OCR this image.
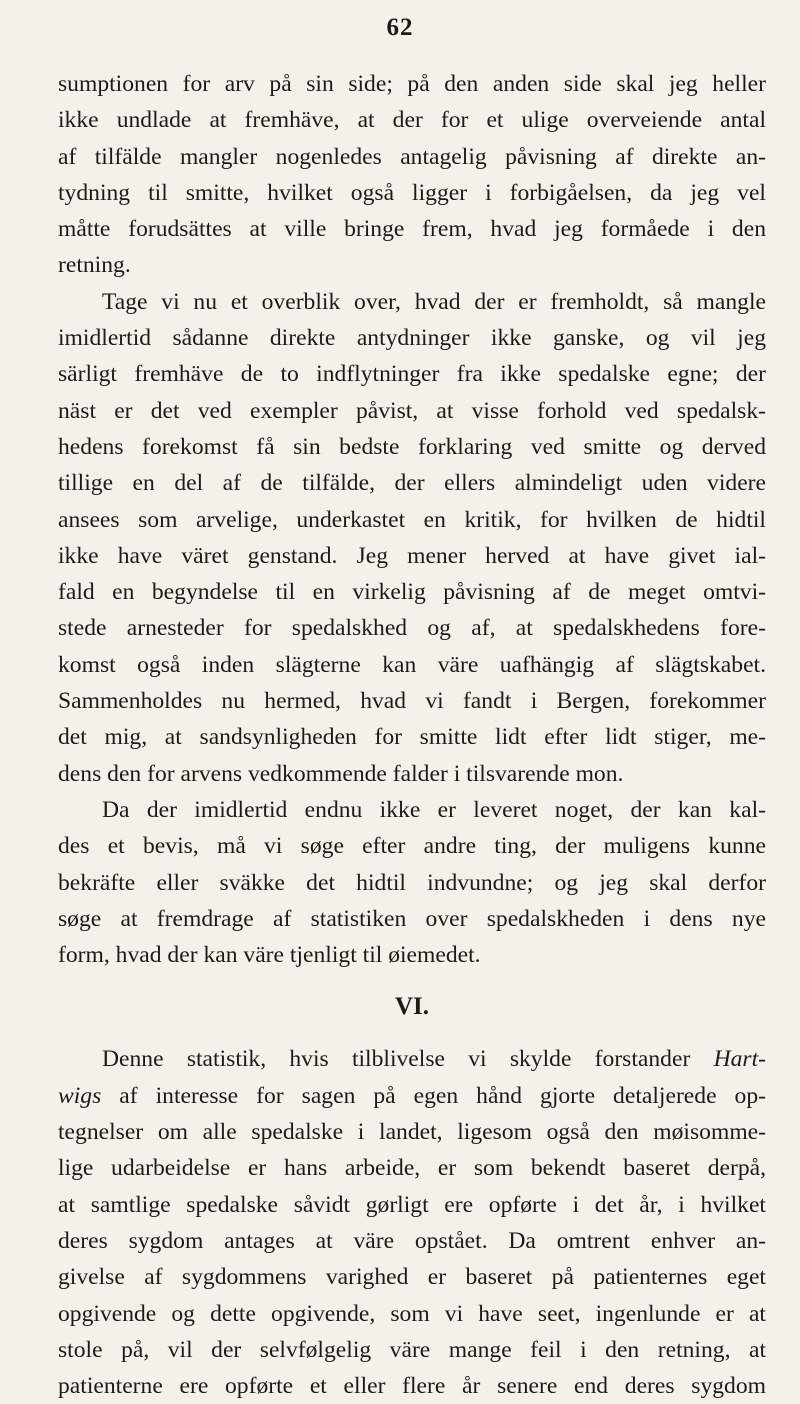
62
sumptionen for arv på sin side; på den anden side skal jeg heller
ikke undlade at fremhäve, at der for et ulige overveiende antal
af tilfälde mangler nogenledes antagelig påvisning af direkte an-
tydning til smitte, hvilket også ligger i forbigåelsen, da jeg vel
måtte forudsättes at ville bringe frem, hvad jeg formåede i den
retning.
Tage vi nu et overblik over, hvad der er fremholdt, så mangle
imidlertid sådanne direkte antydninger ikke ganske, og vil jeg
särligt fremhäve de to indflytninger fra ikke spedalske egne; der
näst er det ved exempler påvist, at visse forhold ved spedalsk-
hedens forekomst få sin bedste forklaring ved smitte og derved
tillige en del af de tilfälde, der ellers almindeligt uden videre
ansees som arvelige, underkastet en kritik, for hvilken de hidtil
ikke have väret genstand. Jeg mener herved at have givet ial-
fald en begyndelse til en virkelig påvisning af de meget omtvi-
stede arnesteder for spedalskhed og af, at spedalskhedens fore-
komst også inden slägterne kan väre uafhängig af slägtskabet.
Sammenholdes nu hermed, hvad vi fandt i Bergen, forekommer
det mig, at sandsynligheden for smitte lidt efter lidt stiger, me-
dens den for arvens vedkommende falder i tilsvarende mon.
Da der imidlertid endnu ikke er leveret noget, der kan kal-
des et bevis, må vi søge efter andre ting, der muligens kunne
bekräfte eller sväkke det hidtil indvundne; og jeg skal derfor
søge at fremdrage af statistiken over spedalskheden i dens nye
form, hvad der kan väre tjenligt til øiemedet.
VI.
Denne statistik, hvis tilblivelse vi skylde forstander Hart-
wigs af interesse for sagen på egen hånd gjorte detaljerede op-
tegnelser om alle spedalske i landet, ligesom også den møisomme-
lige udarbeidelse er hans arbeide, er som bekendt baseret derpå,
at samtlige spedalske såvidt gørligt ere opførte i det år, i hvilket
deres sygdom antages at väre opstået. Da omtrent enhver an-
givelse af sygdommens varighed er baseret på patienternes eget
opgivende og dette opgivende, som vi have seet, ingenlunde er at
stole på, vil der selvfølgelig väre mange feil i den retning, at
patienterne ere opførte et eller flere år senere end deres sygdom
